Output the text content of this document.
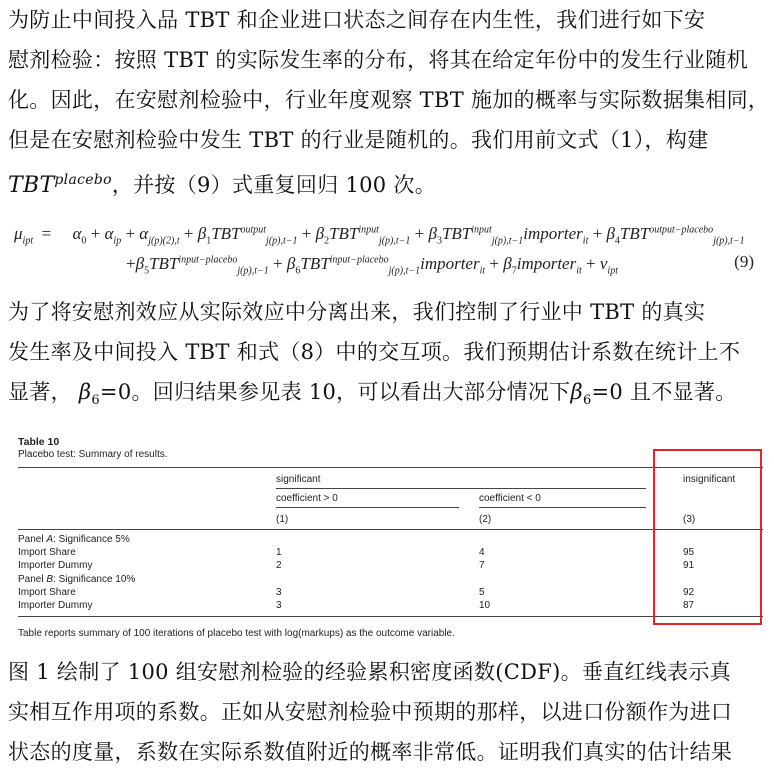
为防止中间投入品 TBT 和企业进口状态之间存在内生性，我们进行如下安
慰剂检验：按照 TBT 的实际发生率的分布，将其在给定年份中的发生行业随机
化。因此，在安慰剂检验中，行业年度观察 TBT 施加的概率与实际数据集相同，
但是在安慰剂检验中发生 TBT 的行业是随机的。我们用前文式（1），构建
$TBT^{placebo}$，并按（9）式重复回归 100 次。
$\mu_{ipt}$  =     $\alpha_0 + \alpha_{ip} + \alpha_{j(p)(2),t} + \beta_1TBT^{output}_{j(p),t-1} + \beta_2TBT^{input}_{j(p),t-1}$ + $\beta_3TBT^{input}_{j(p),t-1}importer_{it} + \beta_4TBT^{output-placebo}_{j(p),t-1}$
$+\beta_5TBT^{input-placebo}_{j(p),t-1}$ + $\beta_6TBT^{input-placebo}_{j(p),t-1}importer_{it}$ + $\beta_7importer_{it} + \nu_{ipt}$	(9)
为了将安慰剂效应从实际效应中分离出来，我们控制了行业中 TBT 的真实
发生率及中间投入 TBT 和式（8）中的交互项。我们预期估计系数在统计上不
显著， $\beta_6=0$。回归结果参见表 10，可以看出大部分情况下$\beta_6=0$ 且不显著。
Table 10
Placebo test: Summary of results.
significant	insignificant
coefficient > 0	coefficient < 0
(1)	(2)	(3)
Panel A: Significance 5%
Import Share	1	4	95
Importer Dummy	2	7	91
Panel B: Significance 10%
Import Share	3	5	92
Importer Dummy	3	10	87
Table reports summary of 100 iterations of placebo test with log(markups) as the outcome variable.
图 1 绘制了 100 组安慰剂检验的经验累积密度函数(CDF)。垂直红线表示真
实相互作用项的系数。正如从安慰剂检验中预期的那样，以进口份额作为进口
状态的度量，系数在实际系数值附近的概率非常低。证明我们真实的估计结果
